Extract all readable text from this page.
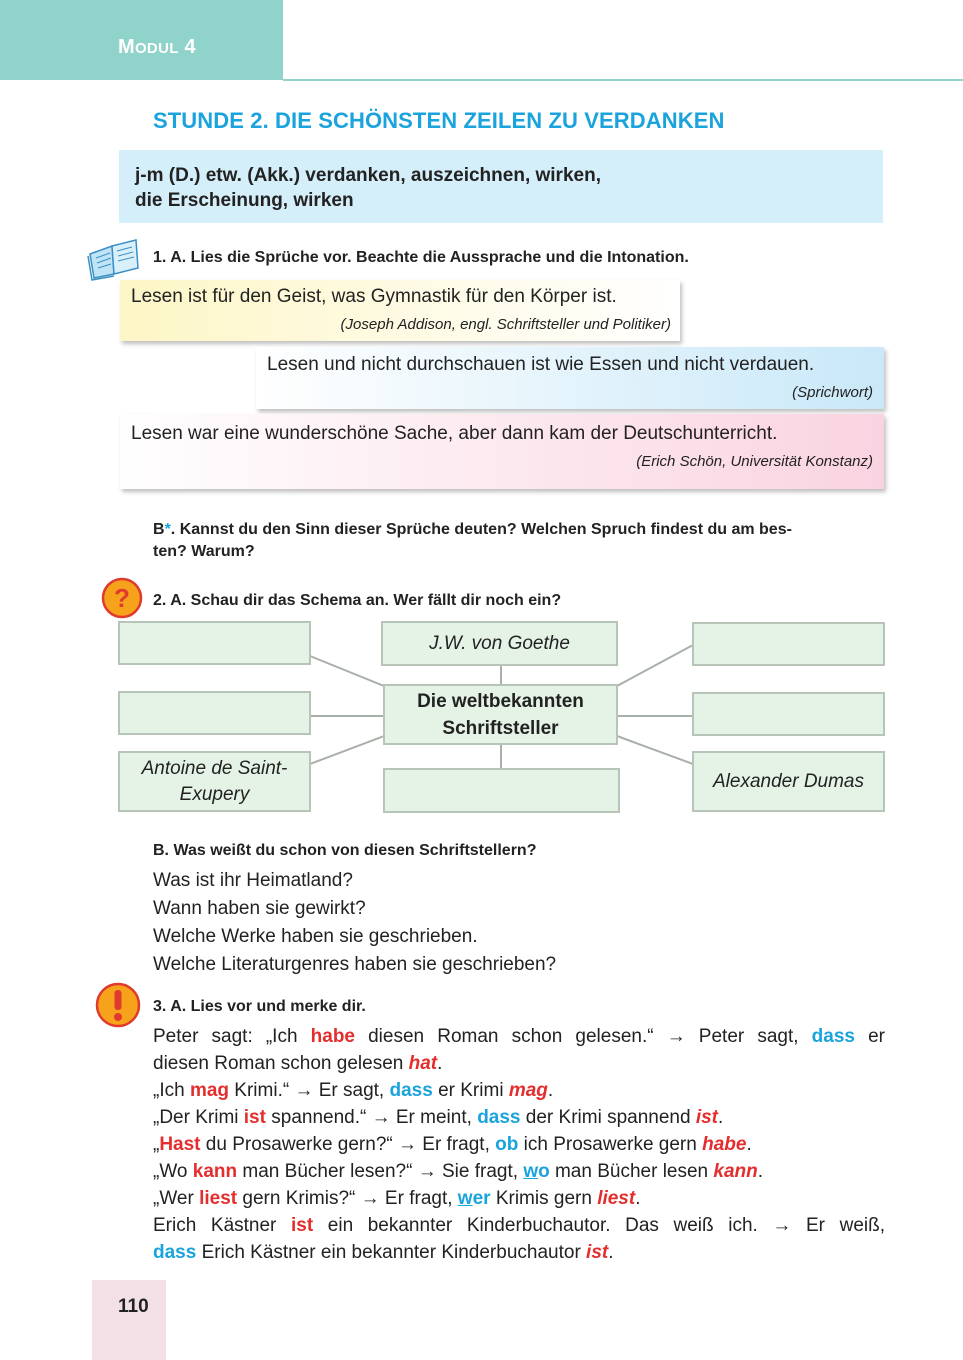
MODUL 4
STUNDE 2. DIE SCHÖNSTEN ZEILEN ZU VERDANKEN
j-m (D.) etw. (Akk.) verdanken, auszeichnen, wirken,
die Erscheinung, wirken
1. A. Lies die Sprüche vor. Beachte die Aussprache und die Intonation.
Lesen ist für den Geist, was Gymnastik für den Körper ist.
(Joseph Addison, engl. Schriftsteller und Politiker)
Lesen und nicht durchschauen ist wie Essen und nicht verdauen.
(Sprichwort)
Lesen war eine wunderschöne Sache, aber dann kam der Deutschunterricht.
(Erich Schön, Universität Konstanz)
B*. Kannst du den Sinn dieser Sprüche deuten? Welchen Spruch findest du am bes-
ten? Warum?
? 2. A. Schau dir das Schema an. Wer fällt dir noch ein?
Antoine de Saint-
Exupery
J.W. von Goethe
Die weltbekannten
Schriftsteller
Alexander Dumas
B. Was weißt du schon von diesen Schriftstellern?
Was ist ihr Heimatland?
Wann haben sie gewirkt?
Welche Werke haben sie geschrieben.
Welche Literaturgenres haben sie geschrieben?
3. A. Lies vor und merke dir.
Peter sagt: „Ich habe diesen Roman schon gelesen.“ → Peter sagt, dass er
diesen Roman schon gelesen hat.
„Ich mag Krimi.“ → Er sagt, dass er Krimi mag.
„Der Krimi ist spannend.“ → Er meint, dass der Krimi spannend ist.
„Hast du Prosawerke gern?“ → Er fragt, ob ich Prosawerke gern habe.
„Wo kann man Bücher lesen?“ → Sie fragt, wo man Bücher lesen kann.
„Wer liest gern Krimis?“ → Er fragt, wer Krimis gern liest.
Erich Kästner ist ein bekannter Kinderbuchautor. Das weiß ich. → Er weiß,
dass Erich Kästner ein bekannter Kinderbuchautor ist.
110
